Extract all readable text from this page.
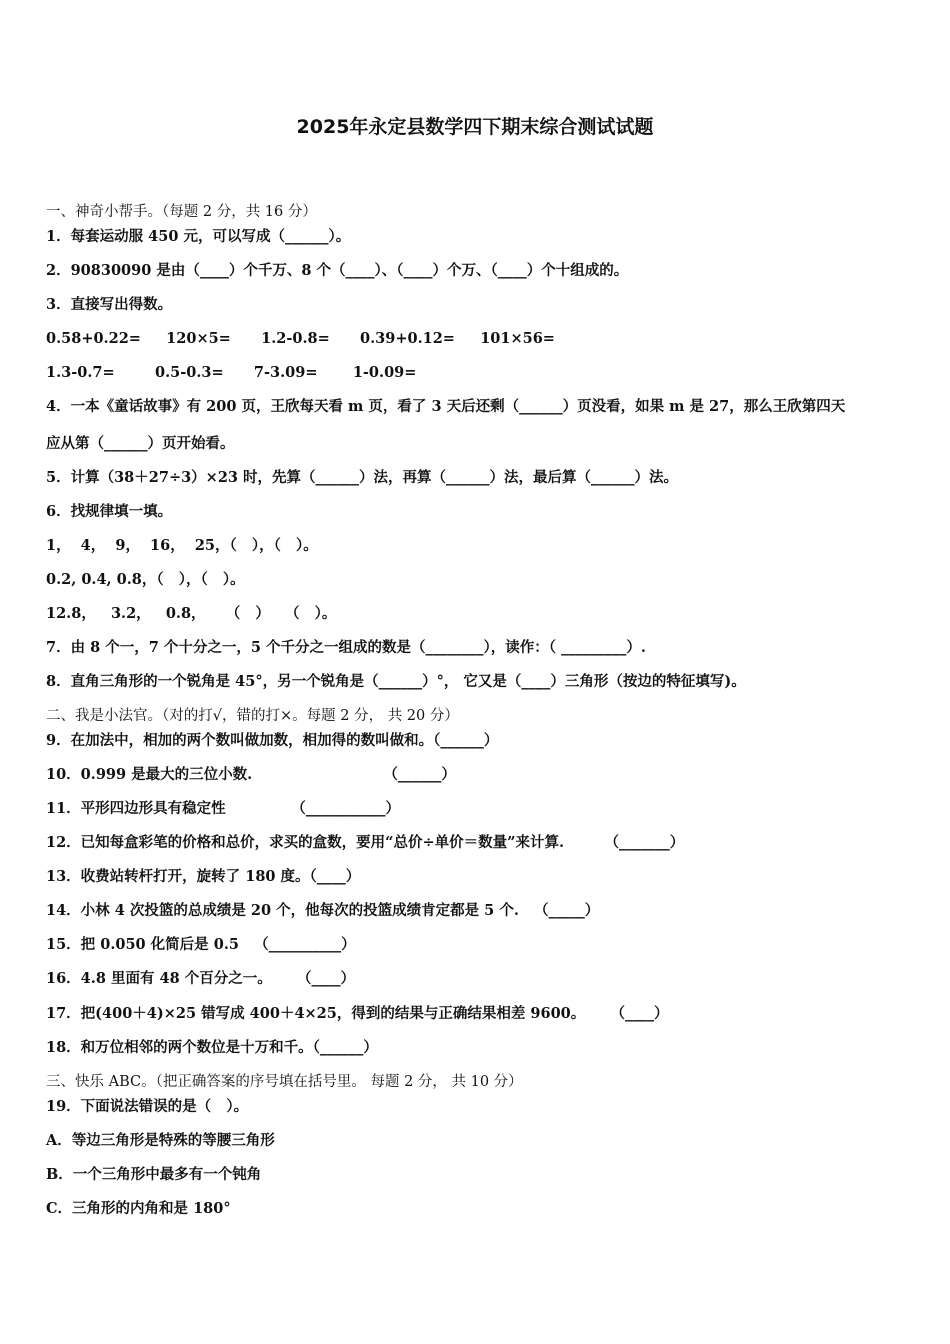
2025年永定县数学四下期末综合测试试题
一、神奇小帮手。（每题 2 分，共 16 分）
1．每套运动服 450 元，可以写成（______）。
2．90830090 是由（____）个千万、8 个（____）、（____）个万、（____）个十组成的。
3．直接写出得数。
0.58+0.22=     120×5=      1.2-0.8=      0.39+0.12=     101×56=
1.3-0.7=        0.5-0.3=      7-3.09=       1-0.09=
4．一本《童话故事》有 200 页，王欣每天看 m 页，看了 3 天后还剩（______）页没看，如果 m 是 27，那么王欣第四天
应从第（______）页开始看。
5．计算（38＋27÷3）×23 时，先算（______）法，再算（______）法，最后算（______）法。
6．找规律填一填。
1，  4，  9，  16，  25，（   ），（   ）。
0.2, 0.4, 0.8，（   ），（   ）。
12.8，   3.2，   0.8，    （   ）   （   ）。
7．由 8 个一，7 个十分之一，5 个千分之一组成的数是（________），读作：（ _________）.
8．直角三角形的一个锐角是 45°，另一个锐角是（______）°， 它又是（____）三角形（按边的特征填写)。
二、我是小法官。（对的打√，错的打×。每题 2 分， 共 20 分）
9．在加法中，相加的两个数叫做加数，相加得的数叫做和。（______）
10．0.999 是最大的三位小数.                          （______）
11．平形四边形具有稳定性             （___________）
12．已知每盒彩笔的价格和总价，求买的盒数，要用“总价÷单价＝数量”来计算.        （_______）
13．收费站转杆打开，旋转了 180 度。（____）
14．小林 4 次投篮的总成绩是 20 个，他每次的投篮成绩肯定都是 5 个.   （_____）
15．把 0.050 化简后是 0.5   （__________）
16．4.8 里面有 48 个百分之一。     （____）
17．把(400＋4)×25 错写成 400＋4×25，得到的结果与正确结果相差 9600。     （____）
18．和万位相邻的两个数位是十万和千。（______）
三、快乐 ABC。（把正确答案的序号填在括号里。 每题 2 分， 共 10 分）
19．下面说法错误的是（   ）。
A．等边三角形是特殊的等腰三角形
B．一个三角形中最多有一个钝角
C．三角形的内角和是 180°
